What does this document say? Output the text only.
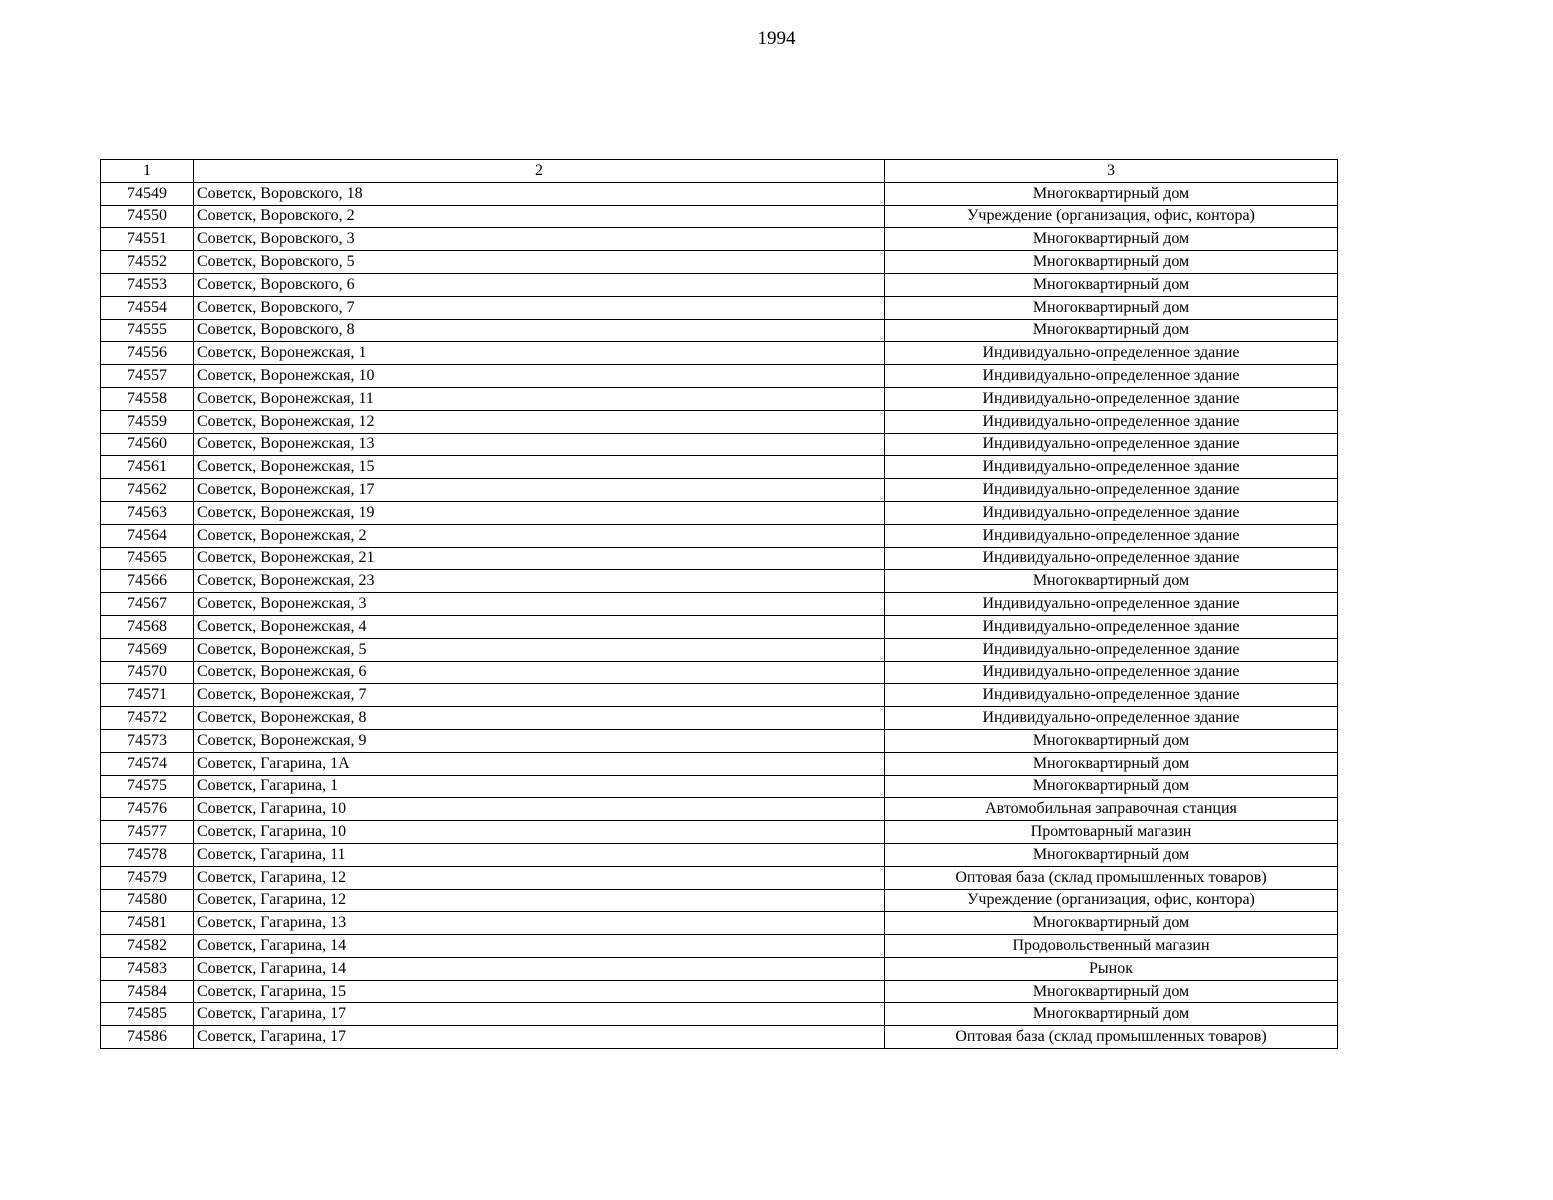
1994
1	2	3
74549	Советск, Воровского, 18	Многоквартирный дом
74550	Советск, Воровского, 2	Учреждение (организация, офис, контора)
74551	Советск, Воровского, 3	Многоквартирный дом
74552	Советск, Воровского, 5	Многоквартирный дом
74553	Советск, Воровского, 6	Многоквартирный дом
74554	Советск, Воровского, 7	Многоквартирный дом
74555	Советск, Воровского, 8	Многоквартирный дом
74556	Советск, Воронежская, 1	Индивидуально-определенное здание
74557	Советск, Воронежская, 10	Индивидуально-определенное здание
74558	Советск, Воронежская, 11	Индивидуально-определенное здание
74559	Советск, Воронежская, 12	Индивидуально-определенное здание
74560	Советск, Воронежская, 13	Индивидуально-определенное здание
74561	Советск, Воронежская, 15	Индивидуально-определенное здание
74562	Советск, Воронежская, 17	Индивидуально-определенное здание
74563	Советск, Воронежская, 19	Индивидуально-определенное здание
74564	Советск, Воронежская, 2	Индивидуально-определенное здание
74565	Советск, Воронежская, 21	Индивидуально-определенное здание
74566	Советск, Воронежская, 23	Многоквартирный дом
74567	Советск, Воронежская, 3	Индивидуально-определенное здание
74568	Советск, Воронежская, 4	Индивидуально-определенное здание
74569	Советск, Воронежская, 5	Индивидуально-определенное здание
74570	Советск, Воронежская, 6	Индивидуально-определенное здание
74571	Советск, Воронежская, 7	Индивидуально-определенное здание
74572	Советск, Воронежская, 8	Индивидуально-определенное здание
74573	Советск, Воронежская, 9	Многоквартирный дом
74574	Советск, Гагарина, 1А	Многоквартирный дом
74575	Советск, Гагарина, 1	Многоквартирный дом
74576	Советск, Гагарина, 10	Автомобильная заправочная станция
74577	Советск, Гагарина, 10	Промтоварный магазин
74578	Советск, Гагарина, 11	Многоквартирный дом
74579	Советск, Гагарина, 12	Оптовая база (склад промышленных товаров)
74580	Советск, Гагарина, 12	Учреждение (организация, офис, контора)
74581	Советск, Гагарина, 13	Многоквартирный дом
74582	Советск, Гагарина, 14	Продовольственный магазин
74583	Советск, Гагарина, 14	Рынок
74584	Советск, Гагарина, 15	Многоквартирный дом
74585	Советск, Гагарина, 17	Многоквартирный дом
74586	Советск, Гагарина, 17	Оптовая база (склад промышленных товаров)
